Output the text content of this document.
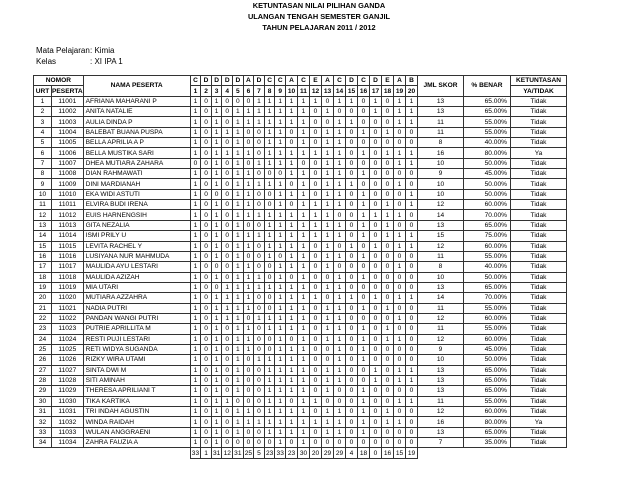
KETUNTASAN NILAI PILIHAN GANDA
ULANGAN TENGAH SEMESTER GANJIL
TAHUN PELAJARAN 2011 / 2012
Mata Pelajaran : Kimia
Kelas	: XI IPA 1
NOMOR		NAMA PESERTA	C	D	D	D	D	A	D	C	C	A	C	E	A	C	D	C	D	E	A	B	JML SKOR	% BENAR	KETUNTASAN
URT	PESERTA		1	2	3	4	5	6	7	8	9	10	11	12	13	14	15	16	17	18	19	20			YA/TIDAK
1	11001	AFRIANA MAHARANI P	1	0	1	0	0	0	1	1	1	1	1	1	0	1	1	0	1	0	1	1	13	65.00%	Tidak
2	11002	ANITA NATALIE	1	0	1	0	1	1	1	1	1	1	1	0	1	0	0	0	1	0	1	1	13	65.00%	Tidak
3	11003	AULIA DINDA P	1	0	1	0	1	1	1	1	1	1	1	0	0	1	1	0	0	0	1	1	11	55.00%	Tidak
4	11004	BALEBAT BUANA PUSPA	1	0	1	1	1	0	0	1	1	0	1	0	1	1	0	1	0	1	0	0	11	55.00%	Tidak
5	11005	BELLA APRILIA A P	1	0	1	0	1	0	0	1	1	0	1	0	1	1	0	0	0	0	0	0	8	40.00%	Tidak
6	11006	BELLA MUSTIKA SARI	1	0	1	1	1	1	0	1	1	1	1	1	1	1	0	1	0	1	1	1	16	80.00%	Ya
7	11007	DHEA MUTIARA ZAHARA	0	0	1	0	1	0	1	1	1	1	0	0	1	1	0	0	0	0	1	1	10	50.00%	Tidak
8	11008	DIAN RAHMAWATI	1	0	1	0	1	1	0	0	0	1	1	0	1	1	0	1	0	0	0	0	9	45.00%	Tidak
9	11009	DINI MARDIANAH	1	0	1	0	1	1	1	1	1	0	1	0	1	1	1	0	0	0	1	0	10	50.00%	Tidak
10	11010	EKA WIDI ASTUTI	1	0	0	0	1	1	0	0	1	1	1	0	1	1	0	1	0	0	0	1	10	50.00%	Tidak
11	11011	ELVIRA BUDI IRENA	1	0	1	0	1	1	0	0	1	0	1	1	1	1	0	1	0	1	0	1	12	60.00%	Tidak
12	11012	EUIS HARNENGSIH	1	0	1	0	1	1	1	1	1	1	1	1	1	0	0	1	1	1	1	0	14	70.00%	Tidak
13	11013	GITA NEZALIA	1	0	1	0	1	0	0	1	1	1	1	1	1	1	0	1	0	1	0	0	13	65.00%	Tidak
14	11014	ISMI PRILY U	1	0	1	0	1	1	1	1	1	1	1	1	1	1	0	1	0	1	1	1	15	75.00%	Tidak
15	11015	LEVITA RACHEL Y	1	0	1	0	1	1	0	1	1	1	1	0	1	0	1	0	1	0	1	1	12	60.00%	Tidak
16	11016	LUSIYANA NUR MAHMUDA	1	0	1	0	1	0	0	1	0	1	1	0	1	1	0	1	0	0	0	0	11	55.00%	Tidak
17	11017	MAULIDA AYU LESTARI	1	0	0	0	1	1	0	0	1	1	1	0	1	0	0	0	0	0	1	0	8	40.00%	Tidak
18	11018	MAULIDA AZIZAH	1	0	1	0	1	1	1	0	1	0	1	0	0	1	0	1	0	0	0	0	10	50.00%	Tidak
19	11019	MIA UTARI	1	0	0	1	1	1	1	1	1	1	1	0	1	1	0	0	0	0	0	0	13	65.00%	Tidak
20	11020	MUTIARA AZZAHRA	1	0	1	1	1	1	0	0	1	1	1	1	0	1	1	0	1	0	1	1	14	70.00%	Tidak
21	11021	NADIA PUTRI	1	0	1	1	1	1	0	0	1	1	1	0	1	1	0	1	0	1	0	0	11	55.00%	Tidak
22	11022	PANDAN WANGI PUTRI	1	0	1	1	1	0	1	1	1	1	1	0	1	1	0	0	0	0	1	0	12	60.00%	Tidak
23	11023	PUTRIE APRILLITA M	1	0	1	0	1	1	0	1	1	1	1	0	1	1	0	1	0	1	0	0	11	55.00%	Tidak
24	11024	RESTI PUJI LESTARI	1	0	1	0	1	1	0	0	1	0	1	0	1	1	0	1	0	1	1	0	12	60.00%	Tidak
25	11025	RETI WIDYA SUGANDA	1	0	1	0	1	1	0	0	1	1	1	0	0	1	0	1	0	0	0	0	9	45.00%	Tidak
26	11026	RIZKY WIRA UTAMI	1	0	1	0	1	0	1	1	1	1	1	0	0	1	0	1	0	0	0	0	10	50.00%	Tidak
27	11027	SINTA DWI M	1	0	1	0	1	0	0	1	1	1	1	0	1	1	0	0	1	0	1	1	13	65.00%	Tidak
28	11028	SITI AMINAH	1	0	1	0	1	0	0	1	1	1	1	0	1	1	0	0	1	0	1	1	13	65.00%	Tidak
29	11029	THERESA APRILIANI T	1	0	1	0	1	0	0	1	1	1	1	0	1	0	0	1	0	0	0	0	13	65.00%	Tidak
30	11030	TIKA KARTIKA	1	0	1	1	0	0	0	1	1	0	1	1	0	0	0	1	0	0	1	1	11	55.00%	Tidak
31	11031	TRI INDAH AGUSTIN	1	0	1	0	1	1	0	1	1	1	1	0	1	1	0	1	0	1	0	0	12	60.00%	Tidak
32	11032	WINDA RAIDAH	1	0	1	0	1	1	1	1	1	1	1	1	1	1	0	1	0	1	1	0	16	80.00%	Ya
33	11033	WULAN ANGGRAENI	1	0	1	0	1	0	0	1	1	1	1	0	1	1	0	1	0	0	0	0	13	65.00%	Tidak
34	11034	ZAHRA FAUZIA A	1	0	1	0	0	0	0	0	1	0	1	0	0	0	0	0	0	0	0	0	7	35.00%	Tidak
			33	1	31	12	31	25	5	23	33	23	30	20	29	29	4	18	0	16	15	19			
